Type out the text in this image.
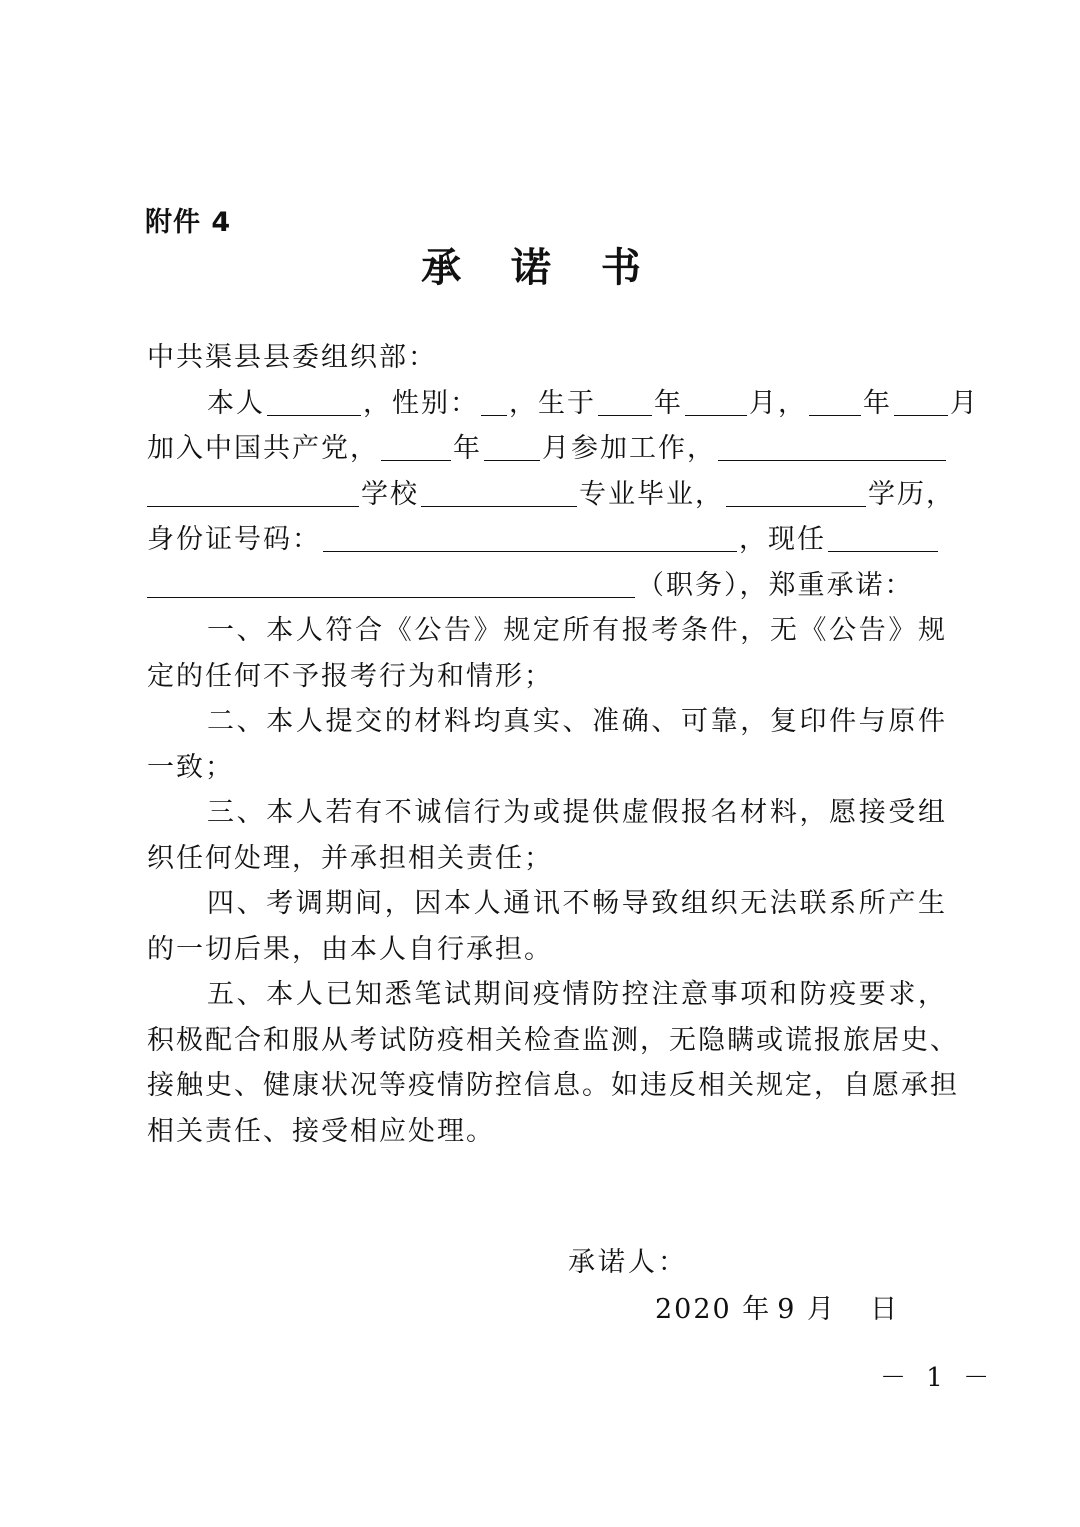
附件 4
承 诺 书
中共渠县县委组织部：
本人	，性别： ，生于 年 月， 年 月
加入中国共产党，	年 月参加工作，
学校	专业毕业，	学历，
身份证号码：	，现任
（职务），郑重承诺：
一 、 本 人 符 合 《 公 告 》 规 定 所 有 报 考 条 件 ， 无 《 公 告 》 规
定的任何不予报考行为和情形；
二 、 本 人 提 交 的 材 料 均 真 实 、 准 确 、 可 靠 ， 复 印 件 与 原 件
一致；
三 、 本 人 若 有 不 诚 信 行 为 或 提 供 虚 假 报 名 材 料 ， 愿 接 受 组
织任何处理，并承担相关责任；
四 、 考 调 期 间 ， 因 本 人 通 讯 不 畅 导 致 组 织 无 法 联 系 所 产 生
的一切后果，由本人自行承担。
五 、 本 人 已 知 悉 笔 试 期 间 疫 情 防 控 注 意 事 项 和 防 疫 要 求 ，
积 极 配 合 和 服 从 考 试 防 疫 相 关 检 查 监 测 ， 无 隐 瞒 或 谎 报 旅 居 史 、
接 触 史 、 健 康 状 况 等 疫 情 防 控 信 息 。 如 违 反 相 关 规 定 ， 自 愿 承 担
相关责任、接受相应处理。
承诺人：
2020 年 9 月 日
－ 1 －
